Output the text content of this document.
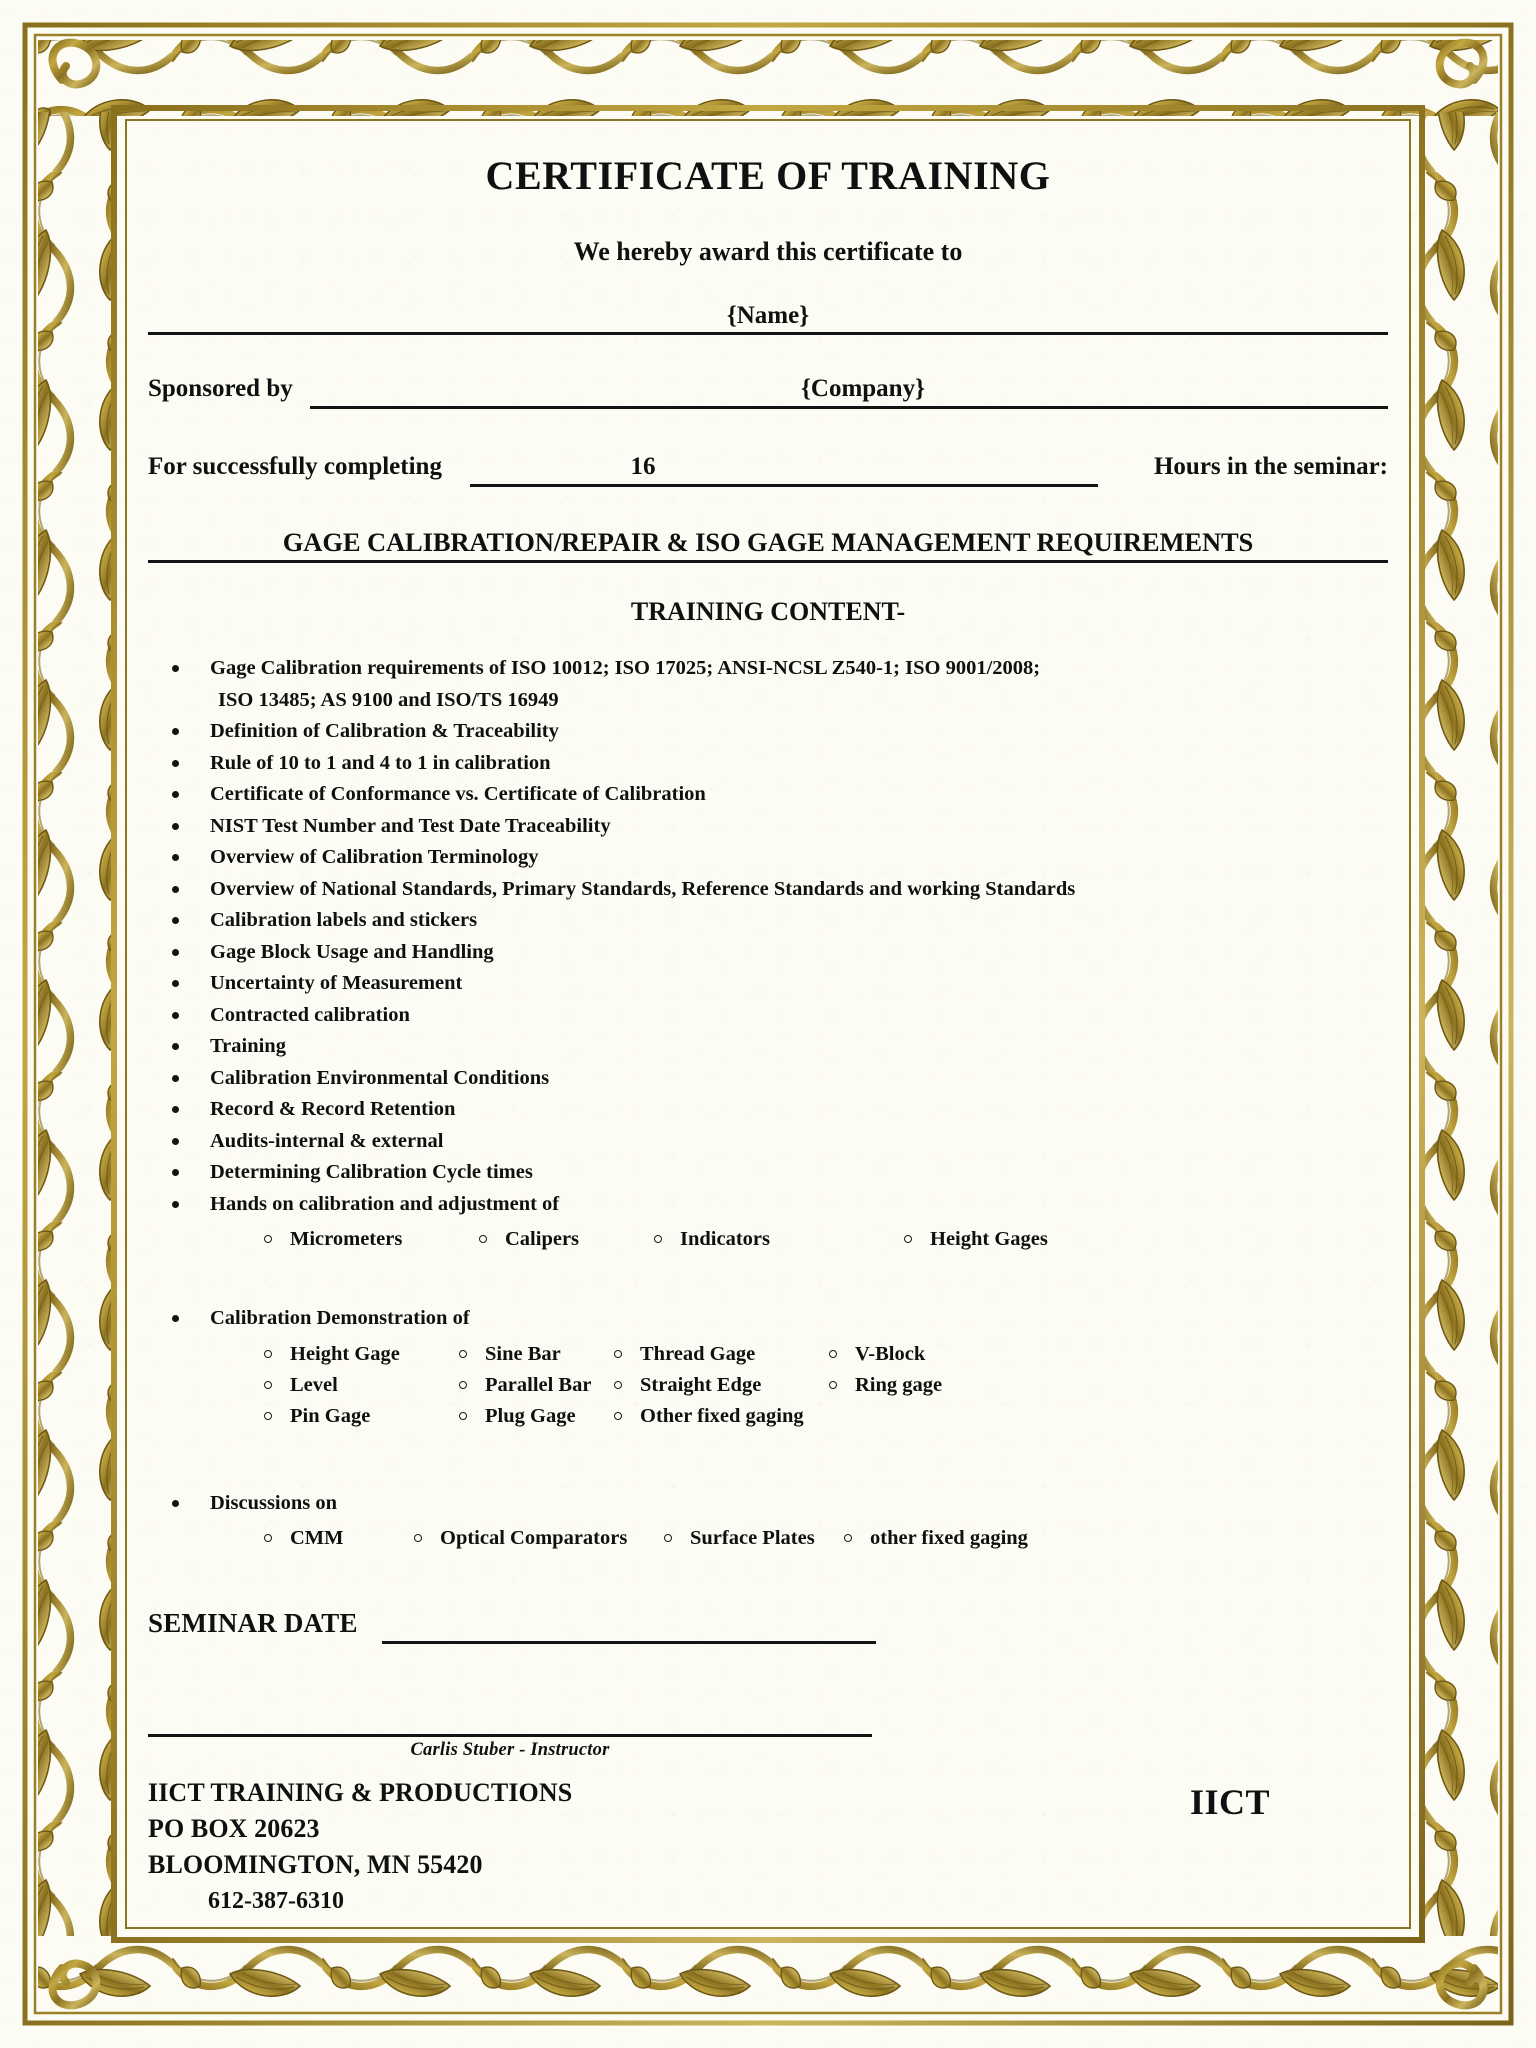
CERTIFICATE OF TRAINING
We hereby award this certificate to
{Name}
Sponsored by	{Company}
For successfully completing	16	Hours in the seminar:
GAGE CALIBRATION/REPAIR & ISO GAGE MANAGEMENT REQUIREMENTS
TRAINING CONTENT-
Gage Calibration requirements of ISO 10012; ISO 17025; ANSI-NCSL Z540-1; ISO 9001/2008;
ISO 13485; AS 9100 and ISO/TS 16949
Definition of Calibration & Traceability
Rule of 10 to 1 and 4 to 1 in calibration
Certificate of Conformance vs. Certificate of Calibration
NIST Test Number and Test Date Traceability
Overview of Calibration Terminology
Overview of National Standards, Primary Standards, Reference Standards and working Standards
Calibration labels and stickers
Gage Block Usage and Handling
Uncertainty of Measurement
Contracted calibration
Training
Calibration Environmental Conditions
Record & Record Retention
Audits-internal & external
Determining Calibration Cycle times
Hands on calibration and adjustment of
Micrometers	Calipers	Indicators	Height Gages
Calibration Demonstration of
Height Gage	Sine Bar	Thread Gage	V-Block
Level	Parallel Bar	Straight Edge	Ring gage
Pin Gage	Plug Gage	Other fixed gaging
Discussions on
CMM	Optical Comparators	Surface Plates	other fixed gaging
SEMINAR DATE
Carlis Stuber - Instructor
IICT TRAINING & PRODUCTIONS
PO BOX 20623
BLOOMINGTON, MN 55420
612-387-6310
IICT
